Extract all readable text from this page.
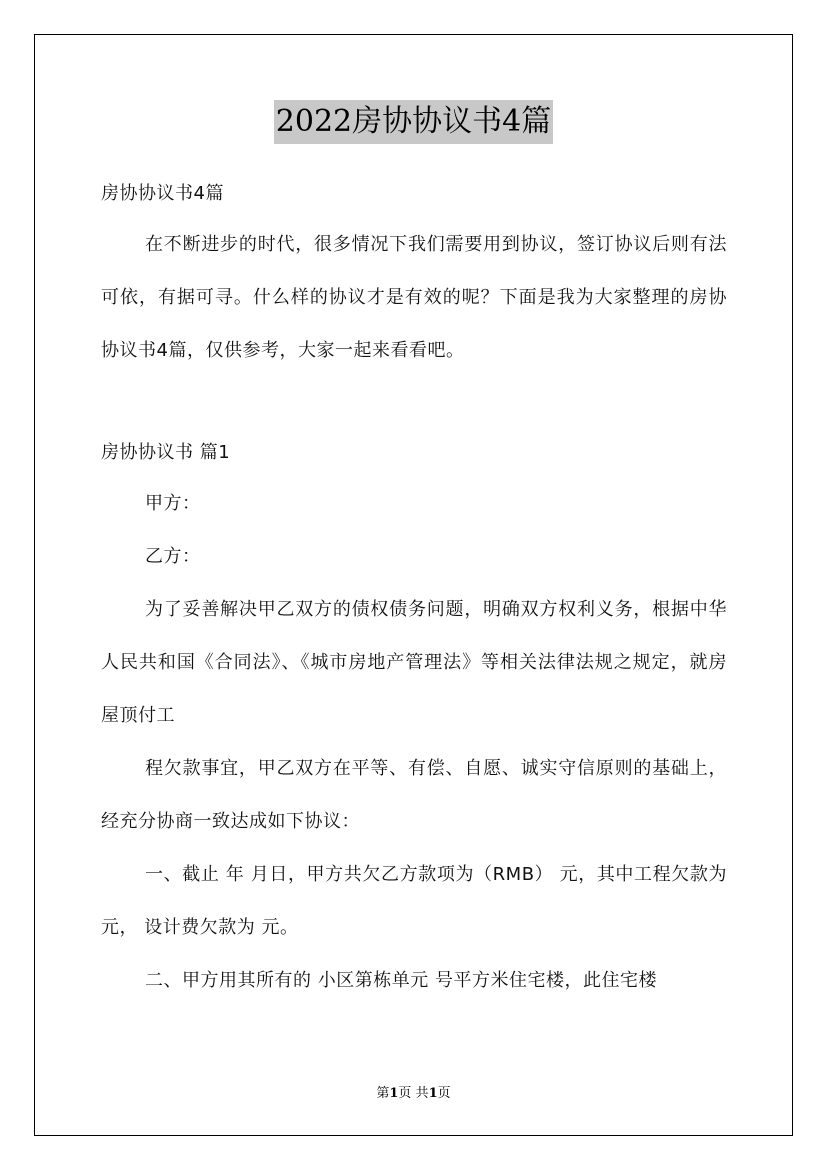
2022房协协议书4篇

房协协议书4篇

在不断进步的时代，很多情况下我们需要用到协议，签订协议后则有法可依，有据可寻。什么样的协议才是有效的呢？下面是我为大家整理的房协协议书4篇，仅供参考，大家一起来看看吧。

房协协议书 篇1

甲方：

乙方：

为了妥善解决甲乙双方的债权债务问题，明确双方权利义务，根据中华人民共和国《合同法》、《城市房地产管理法》等相关法律法规之规定，就房屋顶付工

程欠款事宜，甲乙双方在平等、有偿、自愿、诚实守信原则的基础上，经充分协商一致达成如下协议：

一、截止 年 月日，甲方共欠乙方款项为（RMB） 元，其中工程欠款为 元， 设计费欠款为 元。

二、甲方用其所有的 小区第栋单元 号平方米住宅楼，此住宅楼

第1页 共1页
